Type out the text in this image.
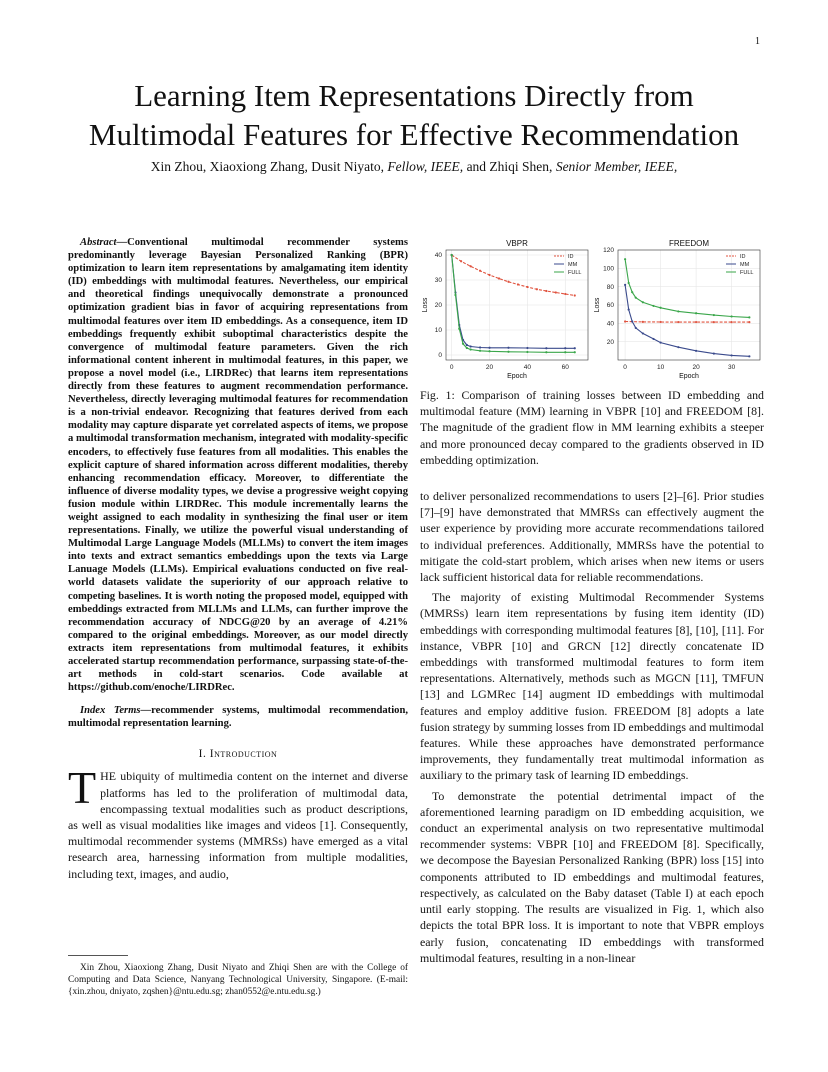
1
Learning Item Representations Directly from
Multimodal Features for Effective Recommendation
Xin Zhou, Xiaoxiong Zhang, Dusit Niyato, Fellow, IEEE, and Zhiqi Shen, Senior Member, IEEE,

Abstract—Conventional multimodal recommender systems predominantly leverage Bayesian Personalized Ranking (BPR) optimization to learn item representations by amalgamating item identity (ID) embeddings with multimodal features. Nevertheless, our empirical and theoretical findings unequivocally demonstrate a pronounced optimization gradient bias in favor of acquiring representations from multimodal features over item ID embeddings. As a consequence, item ID embeddings frequently exhibit suboptimal characteristics despite the convergence of multimodal feature parameters. Given the rich informational content inherent in multimodal features, in this paper, we propose a novel model (i.e., LIRDRec) that learns item representations directly from these features to augment recommendation performance. Nevertheless, directly leveraging multimodal features for recommendation is a non-trivial endeavor. Recognizing that features derived from each modality may capture disparate yet correlated aspects of items, we propose a multimodal transformation mechanism, integrated with modality-specific encoders, to effectively fuse features from all modalities. This enables the explicit capture of shared information across different modalities, thereby enhancing recommendation efficacy. Moreover, to differentiate the influence of diverse modality types, we devise a progressive weight copying fusion module within LIRDRec. This module incrementally learns the weight assigned to each modality in synthesizing the final user or item representations. Finally, we utilize the powerful visual understanding of Multimodal Large Language Models (MLLMs) to convert the item images into texts and extract semantics embeddings upon the texts via Large Lanuage Models (LLMs). Empirical evaluations conducted on five real-world datasets validate the superiority of our approach relative to competing baselines. It is worth noting the proposed model, equipped with embeddings extracted from MLLMs and LLMs, can further improve the recommendation accuracy of NDCG@20 by an average of 4.21% compared to the original embeddings. Moreover, as our model directly extracts item representations from multimodal features, it exhibits accelerated startup recommendation performance, surpassing state-of-the-art methods in cold-start scenarios. Code available at https://github.com/enoche/LIRDRec.

Index Terms—recommender systems, multimodal recommendation, multimodal representation learning.
I. Introduction
THE ubiquity of multimedia content on the internet and diverse platforms has led to the proliferation of multimodal data, encompassing textual modalities such as product descriptions, as well as visual modalities like images and videos [1]. Consequently, multimodal recommender systems (MMRSs) have emerged as a vital research area, harnessing information from multiple modalities, including text, images, and audio,
Xin Zhou, Xiaoxiong Zhang, Dusit Niyato and Zhiqi Shen are with the College of Computing and Data Science, Nanyang Technological University, Singapore. (E-mail: {xin.zhou, dniyato, zqshen}@ntu.edu.sg; zhan0552@e.ntu.edu.sg.)
VBPR
0	20	40	60
0
10
20
30
40
Epoch
Loss
ID
MM
FULL
FREEDOM
0	10	20	30
20
40
60
80
100
120
Epoch
Loss
ID
MM
FULL
Fig. 1: Comparison of training losses between ID embedding and multimodal feature (MM) learning in VBPR [10] and FREEDOM [8]. The magnitude of the gradient flow in MM learning exhibits a steeper and more pronounced decay compared to the gradients observed in ID embedding optimization.

to deliver personalized recommendations to users [2]–[6]. Prior studies [7]–[9] have demonstrated that MMRSs can effectively augment the user experience by providing more accurate recommendations tailored to individual preferences. Additionally, MMRSs have the potential to mitigate the cold-start problem, which arises when new items or users lack sufficient historical data for reliable recommendations.

The majority of existing Multimodal Recommender Systems (MMRSs) learn item representations by fusing item identity (ID) embeddings with corresponding multimodal features [8], [10], [11]. For instance, VBPR [10] and GRCN [12] directly concatenate ID embeddings with transformed multimodal features to form item representations. Alternatively, methods such as MGCN [11], TMFUN [13] and LGMRec [14] augment ID embeddings with multimodal features and employ additive fusion. FREEDOM [8] adopts a late fusion strategy by summing losses from ID embeddings and multimodal features. While these approaches have demonstrated performance improvements, they fundamentally treat multimodal information as auxiliary to the primary task of learning ID embeddings.

To demonstrate the potential detrimental impact of the aforementioned learning paradigm on ID embedding acquisition, we conduct an experimental analysis on two representative multimodal recommender systems: VBPR [10] and FREEDOM [8]. Specifically, we decompose the Bayesian Personalized Ranking (BPR) loss [15] into components attributed to ID embeddings and multimodal features, respectively, as calculated on the Baby dataset (Table I) at each epoch until early stopping. The results are visualized in Fig. 1, which also depicts the total BPR loss. It is important to note that VBPR employs early fusion, concatenating ID embeddings with transformed multimodal features, resulting in a non-linear
